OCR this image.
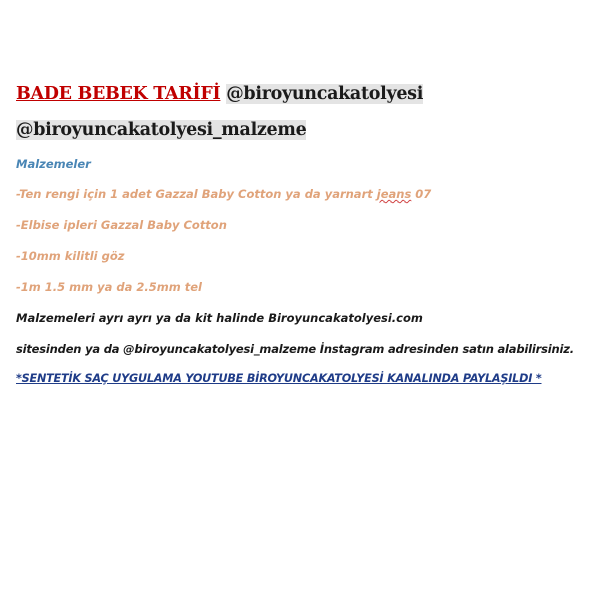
BADE BEBEK TARİFİ @biroyuncakatolyesi
@biroyuncakatolyesi_malzeme
Malzemeler
-Ten rengi için 1 adet Gazzal Baby Cotton ya da yarnart jeans 07
-Elbise ipleri Gazzal Baby Cotton
-10mm kilitli göz
-1m 1.5 mm ya da 2.5mm tel
Malzemeleri ayrı ayrı ya da kit halinde Biroyuncakatolyesi.com
sitesinden ya da @biroyuncakatolyesi_malzeme İnstagram adresinden satın alabilirsiniz.
*SENTETİK SAÇ UYGULAMA YOUTUBE BİROYUNCAKATOLYESİ KANALINDA PAYLAŞILDI *
